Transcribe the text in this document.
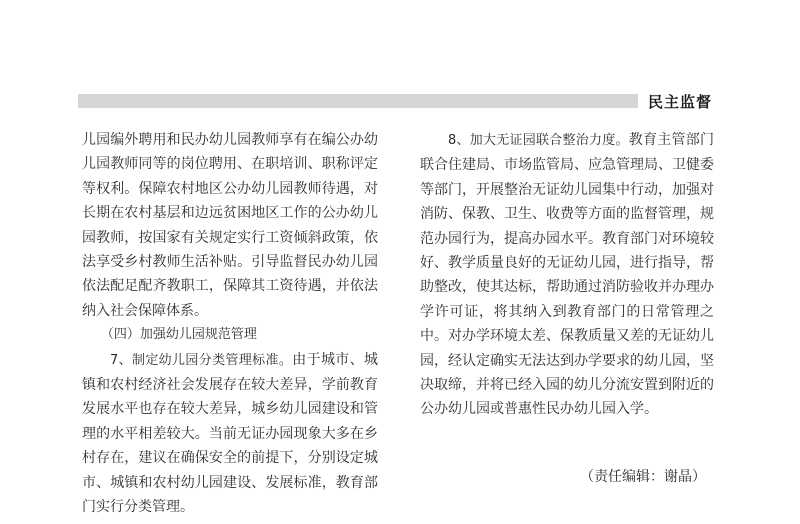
民主监督

儿园编外聘用和民办幼儿园教师享有在编公办幼儿园教师同等的岗位聘用、在职培训、职称评定等权利。保障农村地区公办幼儿园教师待遇，对长期在农村基层和边远贫困地区工作的公办幼儿园教师，按国家有关规定实行工资倾斜政策，依法享受乡村教师生活补贴。引导监督民办幼儿园依法配足配齐教职工，保障其工资待遇，并依法纳入社会保障体系。

（四）加强幼儿园规范管理

7、制定幼儿园分类管理标准。由于城市、城镇和农村经济社会发展存在较大差异，学前教育发展水平也存在较大差异，城乡幼儿园建设和管理的水平相差较大。当前无证办园现象大多在乡村存在，建议在确保安全的前提下，分别设定城市、城镇和农村幼儿园建设、发展标准，教育部门实行分类管理。

8、加大无证园联合整治力度。教育主管部门联合住建局、市场监管局、应急管理局、卫健委等部门，开展整治无证幼儿园集中行动，加强对消防、保教、卫生、收费等方面的监督管理，规范办园行为，提高办园水平。教育部门对环境较好、教学质量良好的无证幼儿园，进行指导，帮助整改，使其达标，帮助通过消防验收并办理办学许可证，将其纳入到教育部门的日常管理之中。对办学环境太差、保教质量又差的无证幼儿园，经认定确实无法达到办学要求的幼儿园，坚决取缔，并将已经入园的幼儿分流安置到附近的公办幼儿园或普惠性民办幼儿园入学。

（责任编辑：谢晶）
